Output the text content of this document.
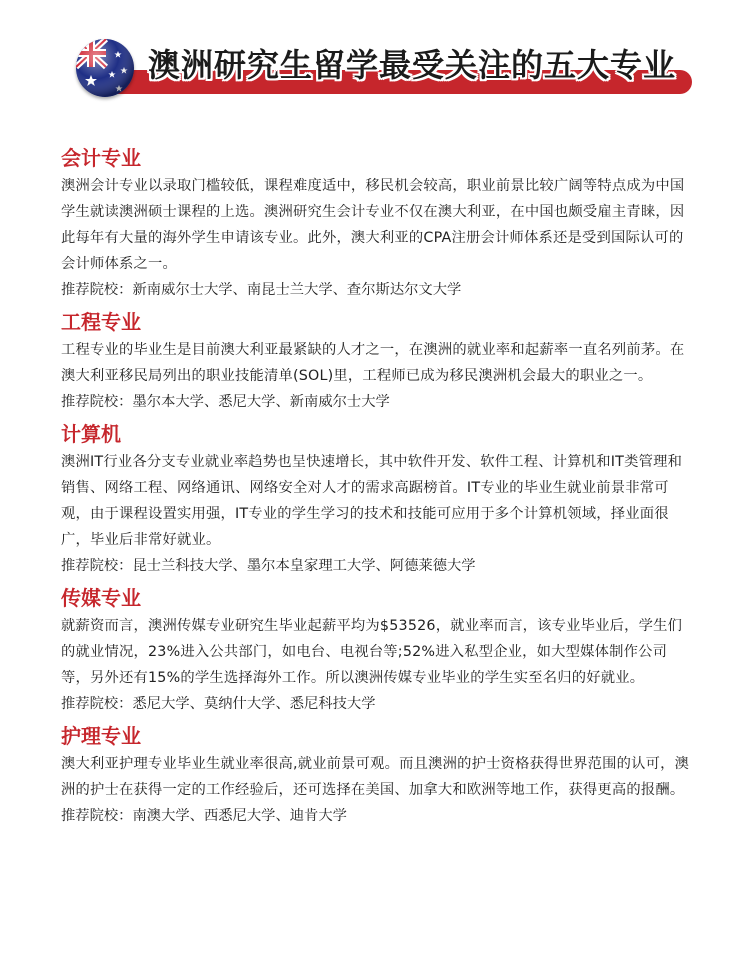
澳洲研究生留学最受关注的五大专业
会计专业
澳洲会计专业以录取门槛较低，课程难度适中，移民机会较高，职业前景比较广阔等特点成为中国学生就读澳洲硕士课程的上选。澳洲研究生会计专业不仅在澳大利亚，在中国也颇受雇主青睐，因此每年有大量的海外学生申请该专业。此外，澳大利亚的CPA注册会计师体系还是受到国际认可的会计师体系之一。
推荐院校：新南威尔士大学、南昆士兰大学、查尔斯达尔文大学
工程专业
工程专业的毕业生是目前澳大利亚最紧缺的人才之一，在澳洲的就业率和起薪率一直名列前茅。在澳大利亚移民局列出的职业技能清单(SOL)里，工程师已成为移民澳洲机会最大的职业之一。
推荐院校：墨尔本大学、悉尼大学、新南威尔士大学
计算机
澳洲IT行业各分支专业就业率趋势也呈快速增长，其中软件开发、软件工程、计算机和IT类管理和销售、网络工程、网络通讯、网络安全对人才的需求高踞榜首。IT专业的毕业生就业前景非常可观，由于课程设置实用强，IT专业的学生学习的技术和技能可应用于多个计算机领域，择业面很广，毕业后非常好就业。
推荐院校：昆士兰科技大学、墨尔本皇家理工大学、阿德莱德大学
传媒专业
就薪资而言，澳洲传媒专业研究生毕业起薪平均为$53526，就业率而言，该专业毕业后，学生们的就业情况，23%进入公共部门，如电台、电视台等;52%进入私型企业，如大型媒体制作公司等，另外还有15%的学生选择海外工作。所以澳洲传媒专业毕业的学生实至名归的好就业。
推荐院校：悉尼大学、莫纳什大学、悉尼科技大学
护理专业
澳大利亚护理专业毕业生就业率很高,就业前景可观。而且澳洲的护士资格获得世界范围的认可，澳洲的护士在获得一定的工作经验后，还可选择在美国、加拿大和欧洲等地工作，获得更高的报酬。
推荐院校：南澳大学、西悉尼大学、迪肯大学
